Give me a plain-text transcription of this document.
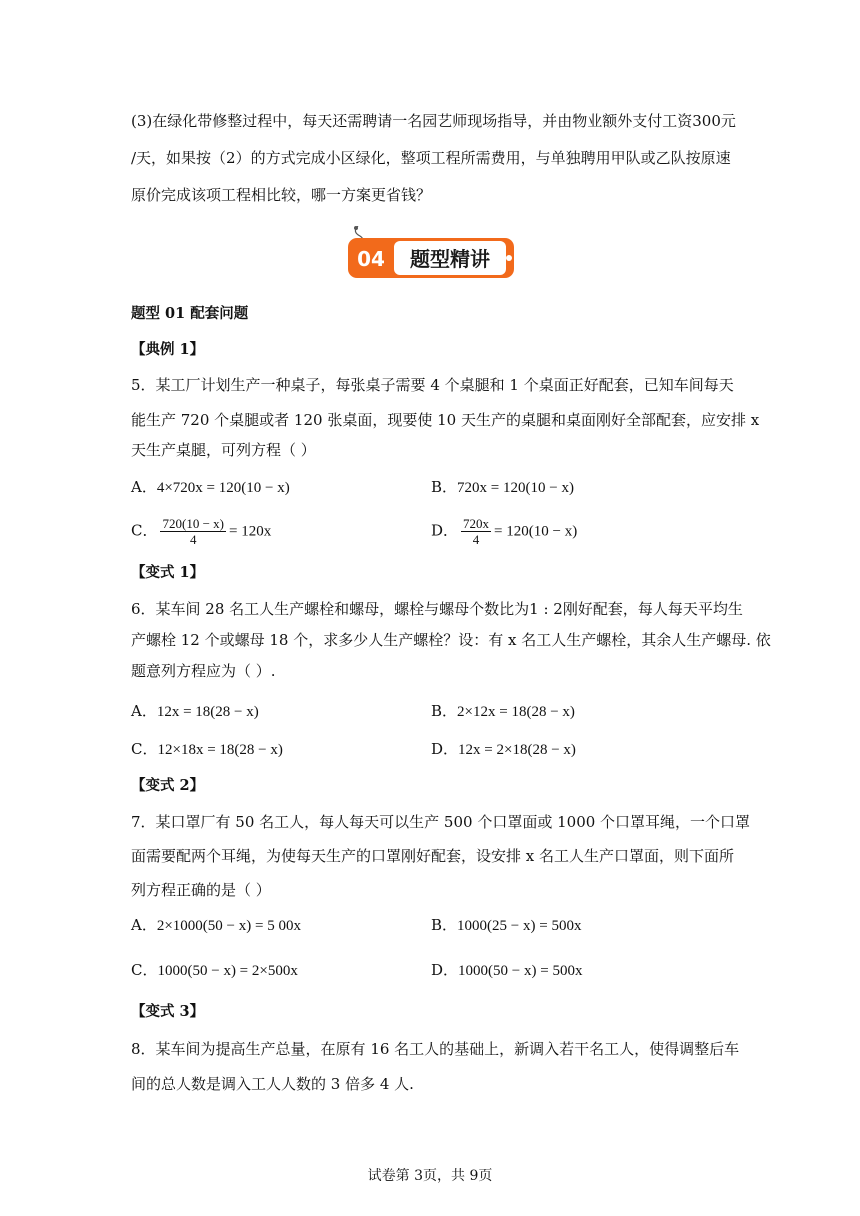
(3)在绿化带修整过程中，每天还需聘请一名园艺师现场指导，并由物业额外支付工资300元
/天，如果按（2）的方式完成小区绿化，整项工程所需费用，与单独聘用甲队或乙队按原速
原价完成该项工程相比较，哪一方案更省钱？
04 题型精讲
题型 01 配套问题
【典例 1】
5．某工厂计划生产一种桌子，每张桌子需要 4 个桌腿和 1 个桌面正好配套，已知车间每天
能生产 720 个桌腿或者 120 张桌面，现要使 10 天生产的桌腿和桌面刚好全部配套，应安排 x
天生产桌腿，可列方程（ ）
A．4×720x = 120(10 − x)	B．720x = 120(10 − x)
C． $\frac{720(10 - x)}{4} = 120x$	D． $\frac{720x}{4} = 120(10 - x)$
【变式 1】
6．某车间 28 名工人生产螺栓和螺母，螺栓与螺母个数比为1 : 2刚好配套，每人每天平均生
产螺栓 12 个或螺母 18 个，求多少人生产螺栓？设：有 x 名工人生产螺栓，其余人生产螺母. 依
题意列方程应为（ ）.
A．12x = 18(28 − x)	B．2×12x = 18(28 − x)
C．12×18x = 18(28 − x)	D．12x = 2×18(28 − x)
【变式 2】
7．某口罩厂有 50 名工人，每人每天可以生产 500 个口罩面或 1000 个口罩耳绳，一个口罩
面需要配两个耳绳，为使每天生产的口罩刚好配套，设安排 x 名工人生产口罩面，则下面所
列方程正确的是（ ）
A．2×1000(50 − x) = 5 00x	B．1000(25 − x) = 500x
C．1000(50 − x) = 2×500x	D．1000(50 − x) = 500x
【变式 3】
8．某车间为提高生产总量，在原有 16 名工人的基础上，新调入若干名工人，使得调整后车
间的总人数是调入工人人数的 3 倍多 4 人.
试卷第 3页，共 9页
